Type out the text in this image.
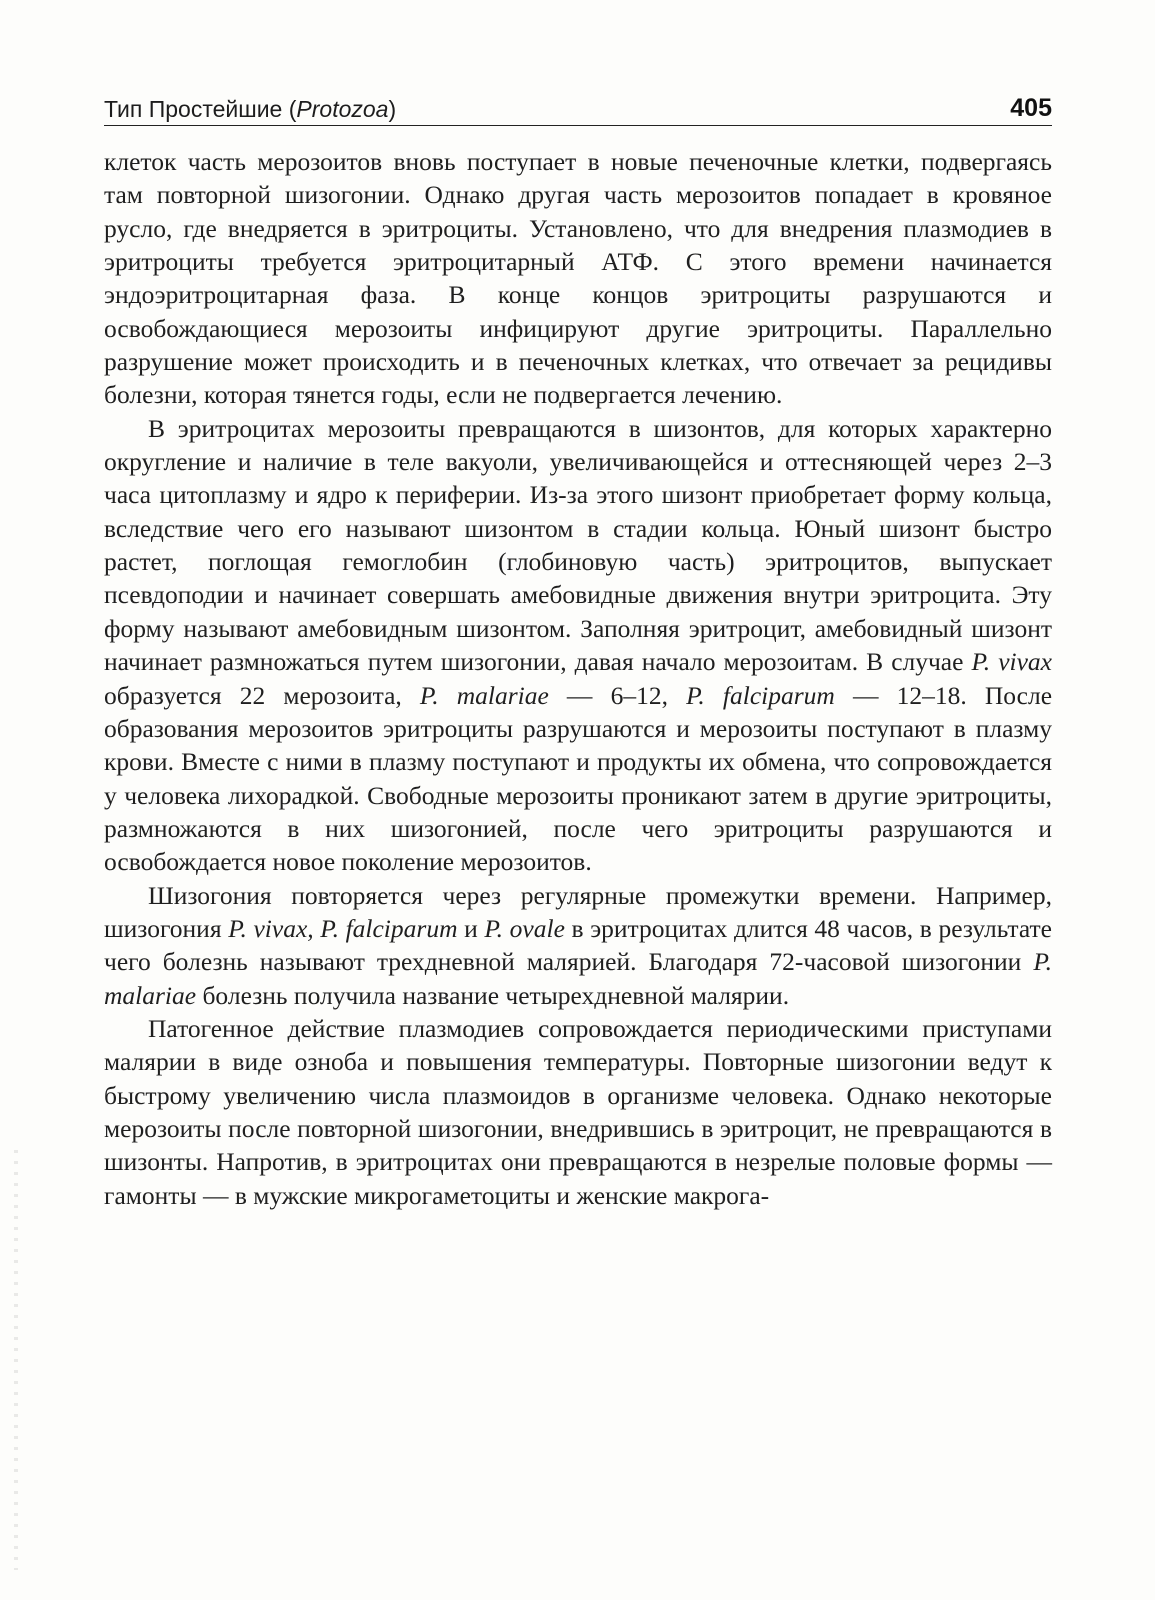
Тип Простейшие (Protozoa)	405

клеток часть мерозоитов вновь поступает в новые печеночные клетки, подвергаясь там повторной шизогонии. Однако другая часть мерозоитов попадает в кровяное русло, где внедряется в эритроциты. Установлено, что для внедрения плазмодиев в эритроциты требуется эритроцитарный АТФ. С этого времени начинается эндоэритроцитарная фаза. В конце концов эритроциты разрушаются и освобождающиеся мерозоиты инфицируют другие эритроциты. Параллельно разрушение может происходить и в печеночных клетках, что отвечает за рецидивы болезни, которая тянется годы, если не подвергается лечению.

В эритроцитах мерозоиты превращаются в шизонтов, для которых характерно округление и наличие в теле вакуоли, увеличивающейся и оттесняющей через 2–3 часа цитоплазму и ядро к периферии. Из-за этого шизонт приобретает форму кольца, вследствие чего его называют шизонтом в стадии кольца. Юный шизонт быстро растет, поглощая гемоглобин (глобиновую часть) эритроцитов, выпускает псевдоподии и начинает совершать амебовидные движения внутри эритроцита. Эту форму называют амебовидным шизонтом. Заполняя эритроцит, амебовидный шизонт начинает размножаться путем шизогонии, давая начало мерозоитам. В случае P. vivax образуется 22 мерозоита, P. malariae — 6–12, P. falciparum — 12–18. После образования мерозоитов эритроциты разрушаются и мерозоиты поступают в плазму крови. Вместе с ними в плазму поступают и продукты их обмена, что сопровождается у человека лихорадкой. Свободные мерозоиты проникают затем в другие эритроциты, размножаются в них шизогонией, после чего эритроциты разрушаются и освобождается новое поколение мерозоитов.

Шизогония повторяется через регулярные промежутки времени. Например, шизогония P. vivax, P. falciparum и P. ovale в эритроцитах длится 48 часов, в результате чего болезнь называют трехдневной малярией. Благодаря 72-часовой шизогонии P. malariae болезнь получила название четырехдневной малярии.

Патогенное действие плазмодиев сопровождается периодическими приступами малярии в виде озноба и повышения температуры. Повторные шизогонии ведут к быстрому увеличению числа плазмоидов в организме человека. Однако некоторые мерозоиты после повторной шизогонии, внедрившись в эритроцит, не превращаются в шизонты. Напротив, в эритроцитах они превращаются в незрелые половые формы — гамонты — в мужские микрогаметоциты и женские макрога-
